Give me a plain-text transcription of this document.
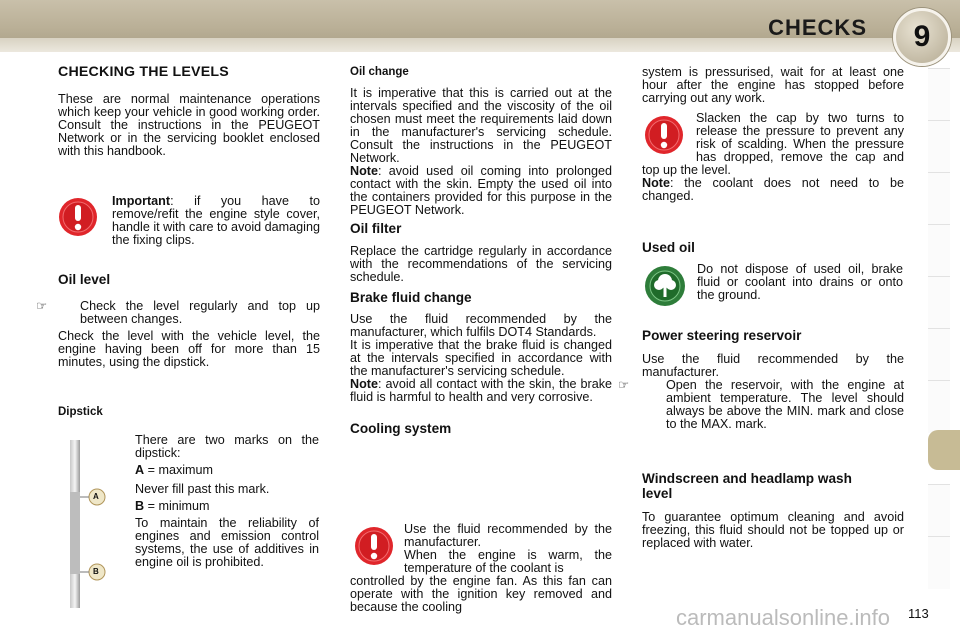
CHECKS	9
CHECKING THE LEVELS

These are normal maintenance operations which keep your vehicle in good working order. Consult the instructions in the PEUGEOT Network or in the servicing booklet enclosed with this handbook.

Important: if you have to remove/refit the engine style cover, handle it with care to avoid damaging the fixing clips.

Oil level

☞	Check the level regularly and top up between changes.

Check the level with the vehicle level, the engine having been off for more than 15 minutes, using the dipstick.

Dipstick

There are two marks on the dipstick:

A = maximum

Never fill past this mark.

B = minimum

To maintain the reliability of engines and emission control systems, the use of additives in engine oil is prohibited.

A
B
Oil change

It is imperative that this is carried out at the intervals specified and the viscosity of the oil chosen must meet the requirements laid down in the manufacturer's servicing schedule. Consult the instructions in the PEUGEOT Network.

Note: avoid used oil coming into prolonged contact with the skin. Empty the used oil into the containers provided for this purpose in the PEUGEOT Network.

Oil filter

Replace the cartridge regularly in accordance with the recommendations of the servicing schedule.

Brake fluid change

Use the fluid recommended by the manufacturer, which fulfils DOT4 Standards.

It is imperative that the brake fluid is changed at the intervals specified in accordance with the manufacturer's servicing schedule.

Note: avoid all contact with the skin, the brake fluid is harmful to health and very corrosive.

Cooling system

Use the fluid recommended by the manufacturer.

When the engine is warm, the temperature of the coolant is

controlled by the engine fan. As this fan can operate with the ignition key removed and because the cooling

system is pressurised, wait for at least one hour after the engine has stopped before carrying out any work.

Slacken the cap by two turns to release the pressure to prevent any risk of scalding. When the pressure has dropped, remove the cap and top up the level.

Note: the coolant does not need to be changed.

Used oil

Do not dispose of used oil, brake fluid or coolant into drains or onto the ground.

Power steering reservoir

Use the fluid recommended by the manufacturer.

☞	Open the reservoir, with the engine at ambient temperature. The level should always be above the MIN. mark and close to the MAX. mark.

Windscreen and headlamp wash level

To guarantee optimum cleaning and avoid freezing, this fluid should not be topped up or replaced with water.

carmanualsonline.info 113
